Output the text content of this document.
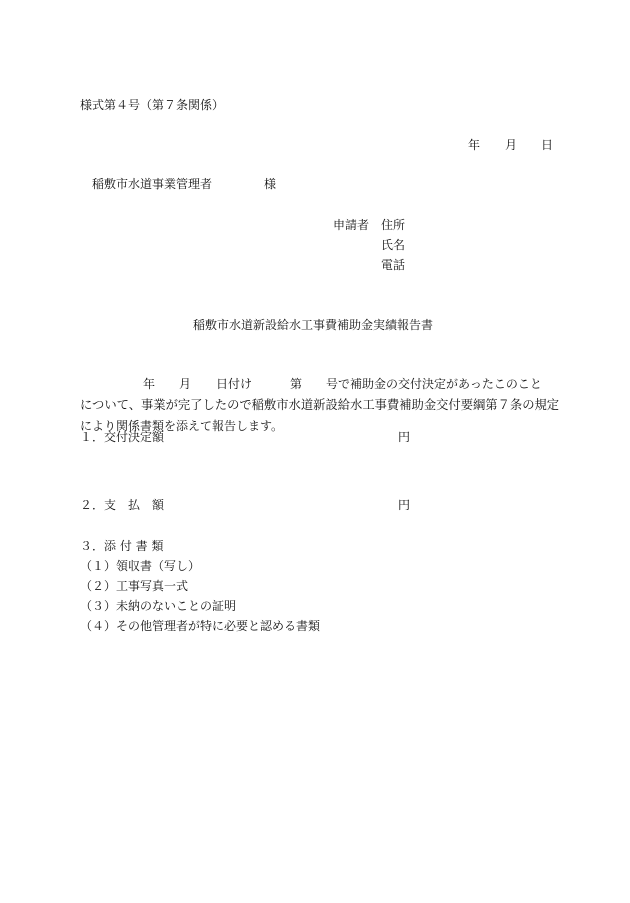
様式第４号（第７条関係）
年 月 日
稲敷市水道事業管理者	様
申請者 住所
氏名
電話
稲敷市水道新設給水工事費補助金実績報告書
年 月 日付け	第 号で補助金の交付決定があったこのこと
について、事業が完了したので稲敷市水道新設給水工事費補助金交付要綱第７条の規定
により関係書類を添えて報告します。
１．交付決定額	円
２．支　払　額	円
３．添 付 書 類
（１）領収書（写し）
（２）工事写真一式
（３）未納のないことの証明
（４）その他管理者が特に必要と認める書類
